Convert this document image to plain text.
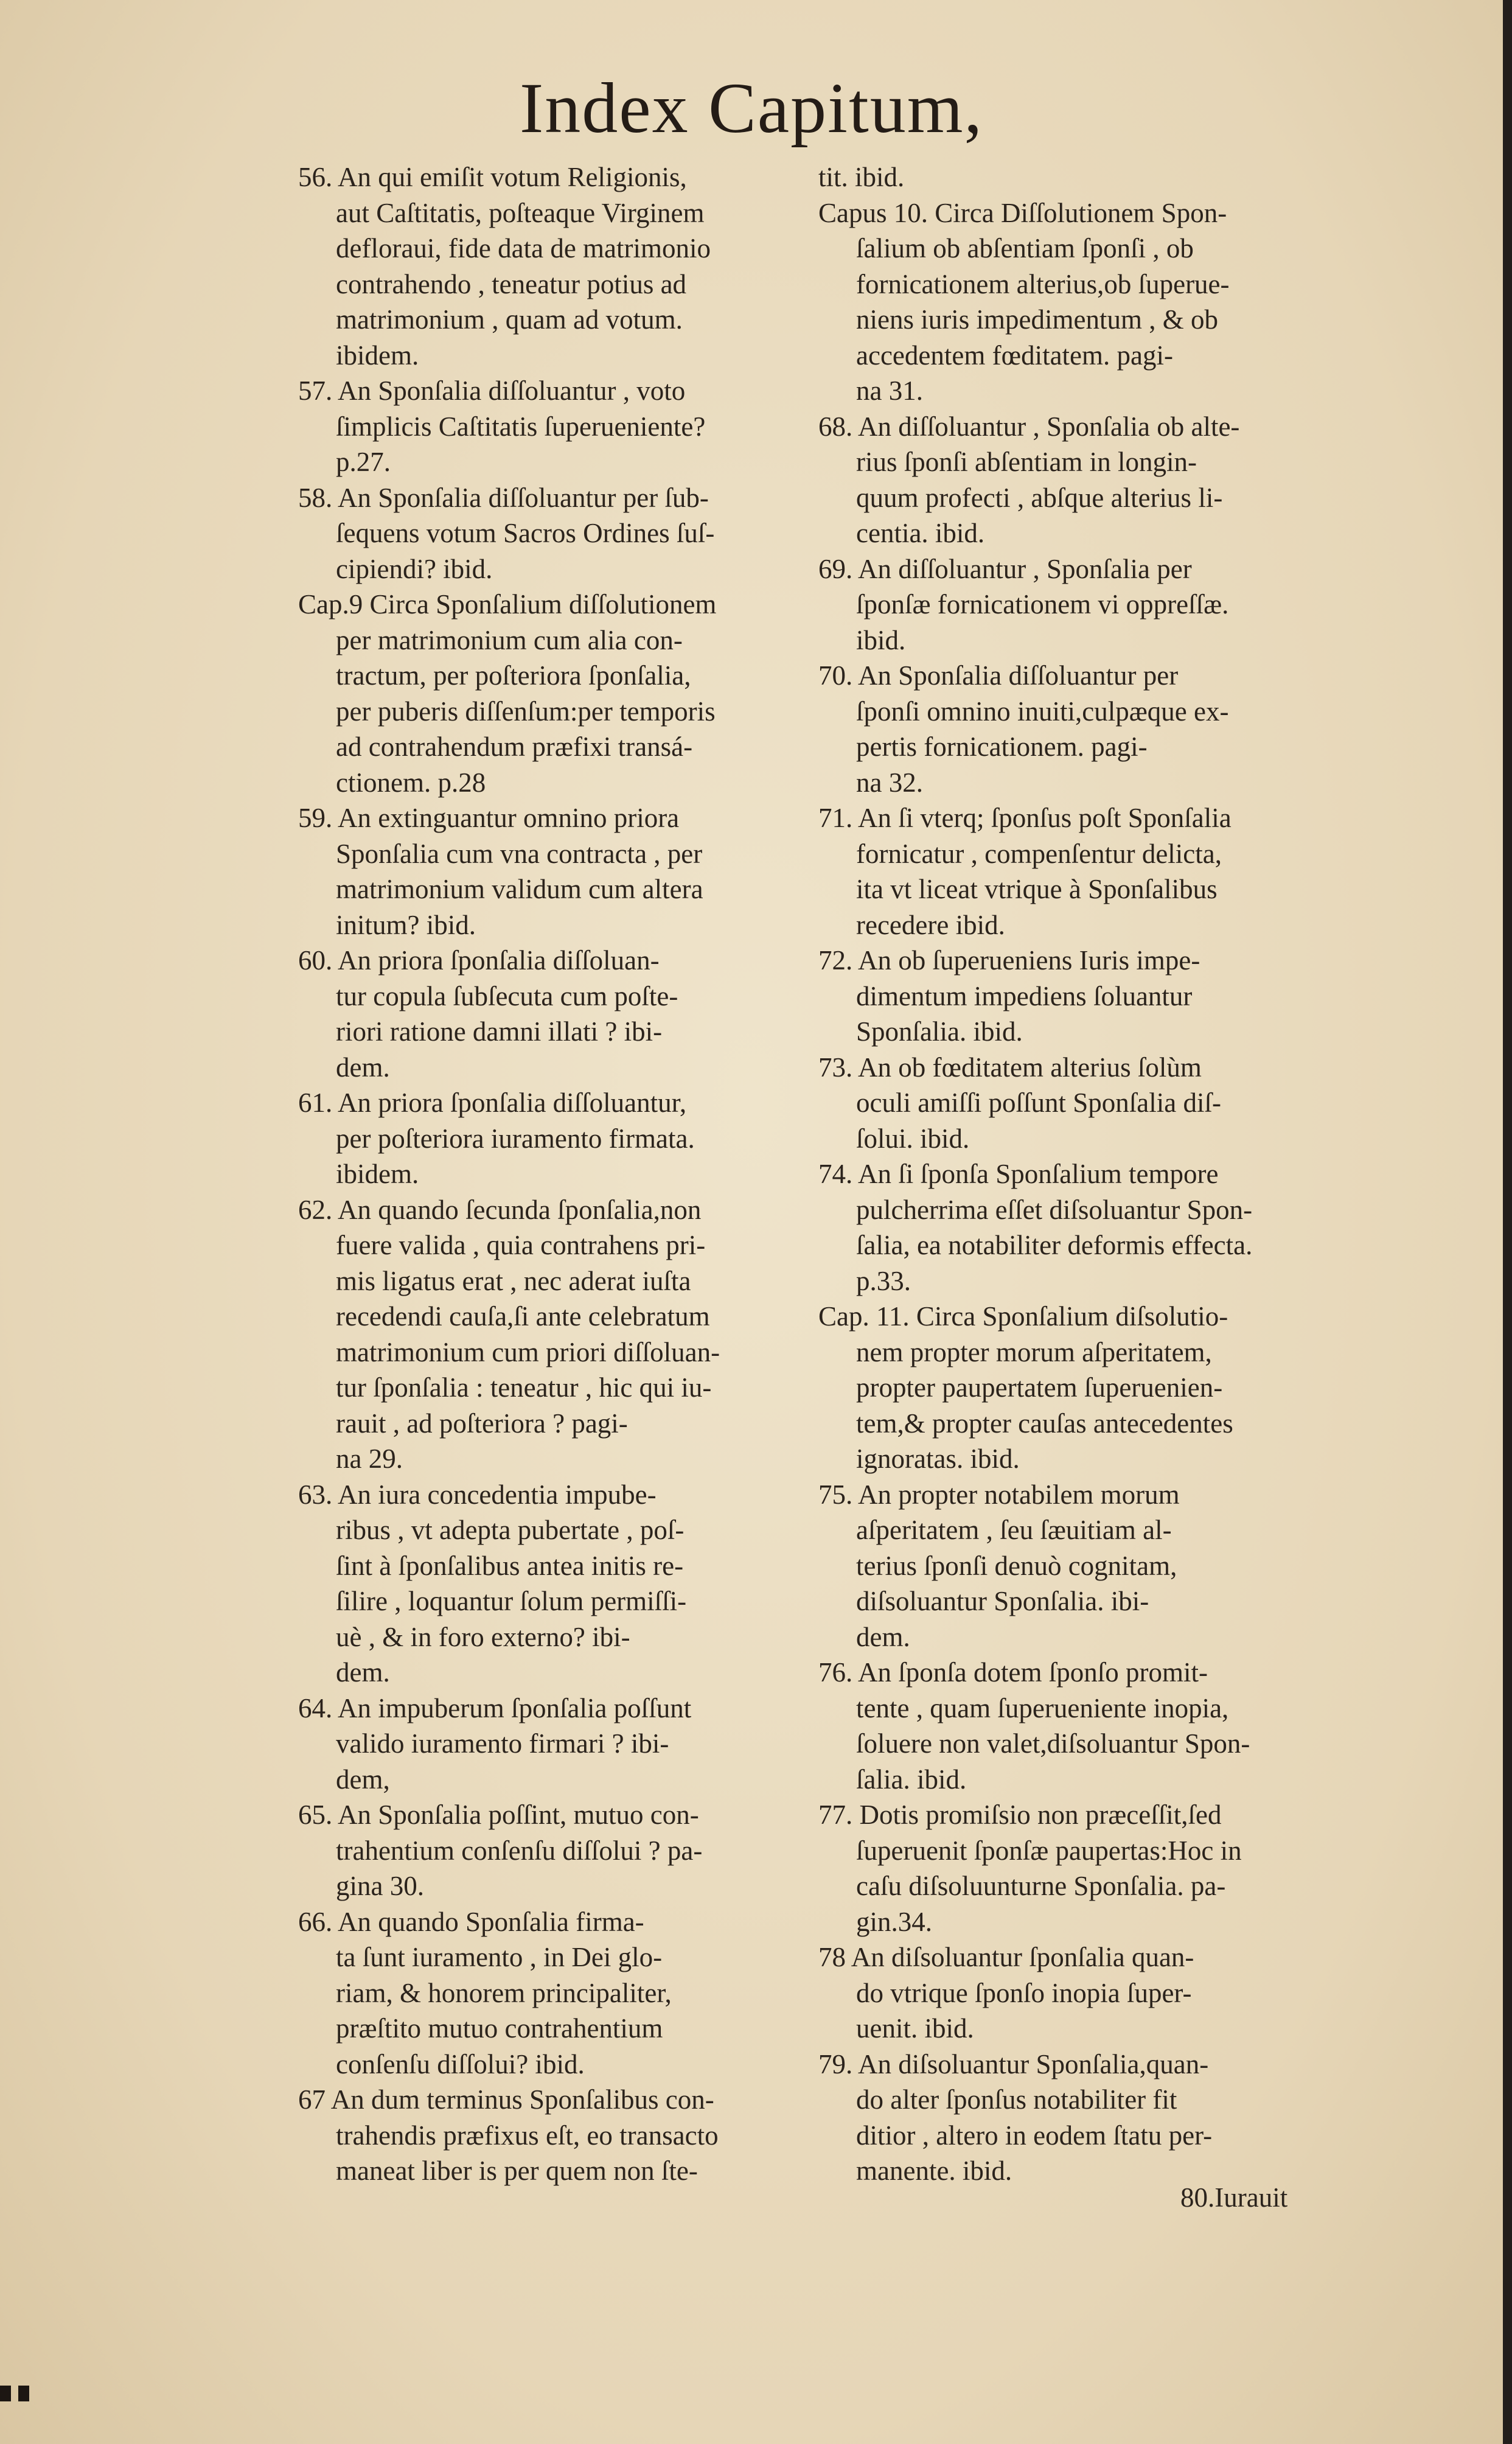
Index Capitum,
56. An qui emiſit votum Religionis,
aut Caſtitatis, poſteaque Virginem
defloraui, fide data de matrimonio
contrahendo , teneatur potius ad
matrimonium , quam ad votum.
ibidem.
57. An Sponſalia diſſoluantur , voto
ſimplicis Caſtitatis ſuperueniente?
p.27.
58. An Sponſalia diſſoluantur per ſub-
ſequens votum Sacros Ordines ſuſ-
cipiendi? ibid.
Cap.9 Circa Sponſalium diſſolutionem
per matrimonium cum alia con-
tractum, per poſteriora ſponſalia,
per puberis diſſenſum:per temporis
ad contrahendum præfixi transá-
ctionem. p.28
59. An extinguantur omnino priora
Sponſalia cum vna contracta , per
matrimonium validum cum altera
initum? ibid.
60. An priora ſponſalia diſſoluan-
tur copula ſubſecuta cum poſte-
riori ratione damni illati ? ibi-
dem.
61. An priora ſponſalia diſſoluantur,
per poſteriora iuramento firmata.
ibidem.
62. An quando ſecunda ſponſalia,non
fuere valida , quia contrahens pri-
mis ligatus erat , nec aderat iuſta
recedendi cauſa,ſi ante celebratum
matrimonium cum priori diſſoluan-
tur ſponſalia : teneatur , hic qui iu-
rauit , ad poſteriora ? pagi-
na 29.
63. An iura concedentia impube-
ribus , vt adepta pubertate , poſ-
ſint à ſponſalibus antea initis re-
ſilire , loquantur ſolum permiſſi-
uè , & in foro externo? ibi-
dem.
64. An impuberum ſponſalia poſſunt
valido iuramento firmari ? ibi-
dem,
65. An Sponſalia poſſint, mutuo con-
trahentium conſenſu diſſolui ? pa-
gina 30.
66. An quando Sponſalia firma-
ta ſunt iuramento , in Dei glo-
riam, & honorem principaliter,
præſtito mutuo contrahentium
conſenſu diſſolui? ibid.
67 An dum terminus Sponſalibus con-
trahendis præfixus eſt, eo transacto
maneat liber is per quem non ſte-
tit. ibid.
Capus 10. Circa Diſſolutionem Spon-
ſalium ob abſentiam ſponſi , ob
fornicationem alterius,ob ſuperue-
niens iuris impedimentum , & ob
accedentem fœditatem. pagi-
na 31.
68. An diſſoluantur , Sponſalia ob alte-
rius ſponſi abſentiam in longin-
quum profecti , abſque alterius li-
centia. ibid.
69. An diſſoluantur , Sponſalia per
ſponſæ fornicationem vi oppreſſæ.
ibid.
70. An Sponſalia diſſoluantur per
ſponſi omnino inuiti,culpæque ex-
pertis fornicationem. pagi-
na 32.
71. An ſi vterq; ſponſus poſt Sponſalia
fornicatur , compenſentur delicta,
ita vt liceat vtrique à Sponſalibus
recedere ibid.
72. An ob ſuperueniens Iuris impe-
dimentum impediens ſoluantur
Sponſalia. ibid.
73. An ob fœditatem alterius ſolùm
oculi amiſſi poſſunt Sponſalia diſ-
ſolui. ibid.
74. An ſi ſponſa Sponſalium tempore
pulcherrima eſſet diſsoluantur Spon-
ſalia, ea notabiliter deformis effecta.
p.33.
Cap. 11. Circa Sponſalium diſsolutio-
nem propter morum aſperitatem,
propter paupertatem ſuperuenien-
tem,& propter cauſas antecedentes
ignoratas. ibid.
75. An propter notabilem morum
aſperitatem , ſeu ſæuitiam al-
terius ſponſi denuò cognitam,
diſsoluantur Sponſalia. ibi-
dem.
76. An ſponſa dotem ſponſo promit-
tente , quam ſuperueniente inopia,
ſoluere non valet,diſsoluantur Spon-
ſalia. ibid.
77. Dotis promiſsio non præceſſit,ſed
ſuperuenit ſponſæ paupertas:Hoc in
caſu diſsoluunturne Sponſalia. pa-
gin.34.
78 An diſsoluantur ſponſalia quan-
do vtrique ſponſo inopia ſuper-
uenit. ibid.
79. An diſsoluantur Sponſalia,quan-
do alter ſponſus notabiliter fit
ditior , altero in eodem ſtatu per-
manente. ibid.
80.Iurauit
